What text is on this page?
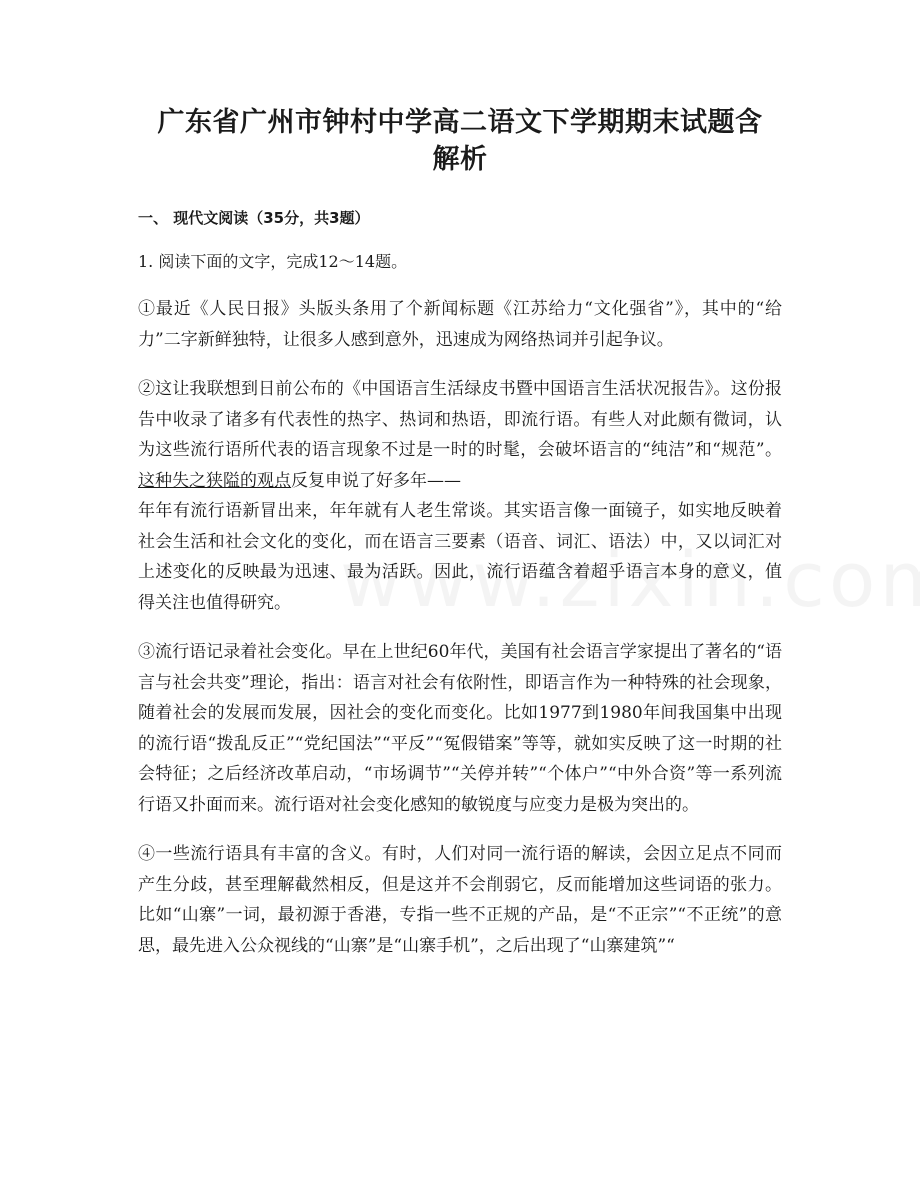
广东省广州市钟村中学高二语文下学期期末试题含解析
一、 现代文阅读（35分，共3题）
1. 阅读下面的文字，完成12～14题。

①最近《人民日报》头版头条用了个新闻标题《江苏给力“文化强省”》，其中的“给力”二字新鲜独特，让很多人感到意外，迅速成为网络热词并引起争议。

②这让我联想到日前公布的《中国语言生活绿皮书暨中国语言生活状况报告》。这份报告中收录了诸多有代表性的热字、热词和热语，即流行语。有些人对此颇有微词，认为这些流行语所代表的语言现象不过是一时的时髦，会破坏语言的“纯洁”和“规范”。这种失之狭隘的观点反复申说了好多年——

年年有流行语新冒出来，年年就有人老生常谈。其实语言像一面镜子，如实地反映着社会生活和社会文化的变化，而在语言三要素（语音、词汇、语法）中，又以词汇对上述变化的反映最为迅速、最为活跃。因此，流行语蕴含着超乎语言本身的意义，值得关注也值得研究。

③流行语记录着社会变化。早在上世纪60年代，美国有社会语言学家提出了著名的“语言与社会共变”理论，指出：语言对社会有依附性，即语言作为一种特殊的社会现象，随着社会的发展而发展，因社会的变化而变化。比如1977到1980年间我国集中出现的流行语“拨乱反正”“党纪国法”“平反”“冤假错案”等等，就如实反映了这一时期的社会特征；之后经济改革启动，“市场调节”“关停并转”“个体户”“中外合资”等一系列流行语又扑面而来。流行语对社会变化感知的敏锐度与应变力是极为突出的。

④一些流行语具有丰富的含义。有时，人们对同一流行语的解读，会因立足点不同而产生分歧，甚至理解截然相反，但是这并不会削弱它，反而能增加这些词语的张力。比如“山寨”一词，最初源于香港，专指一些不正规的产品，是“不正宗”“不正统”的意思，最先进入公众视线的“山寨”是“山寨手机”，之后出现了“山寨建筑”“
